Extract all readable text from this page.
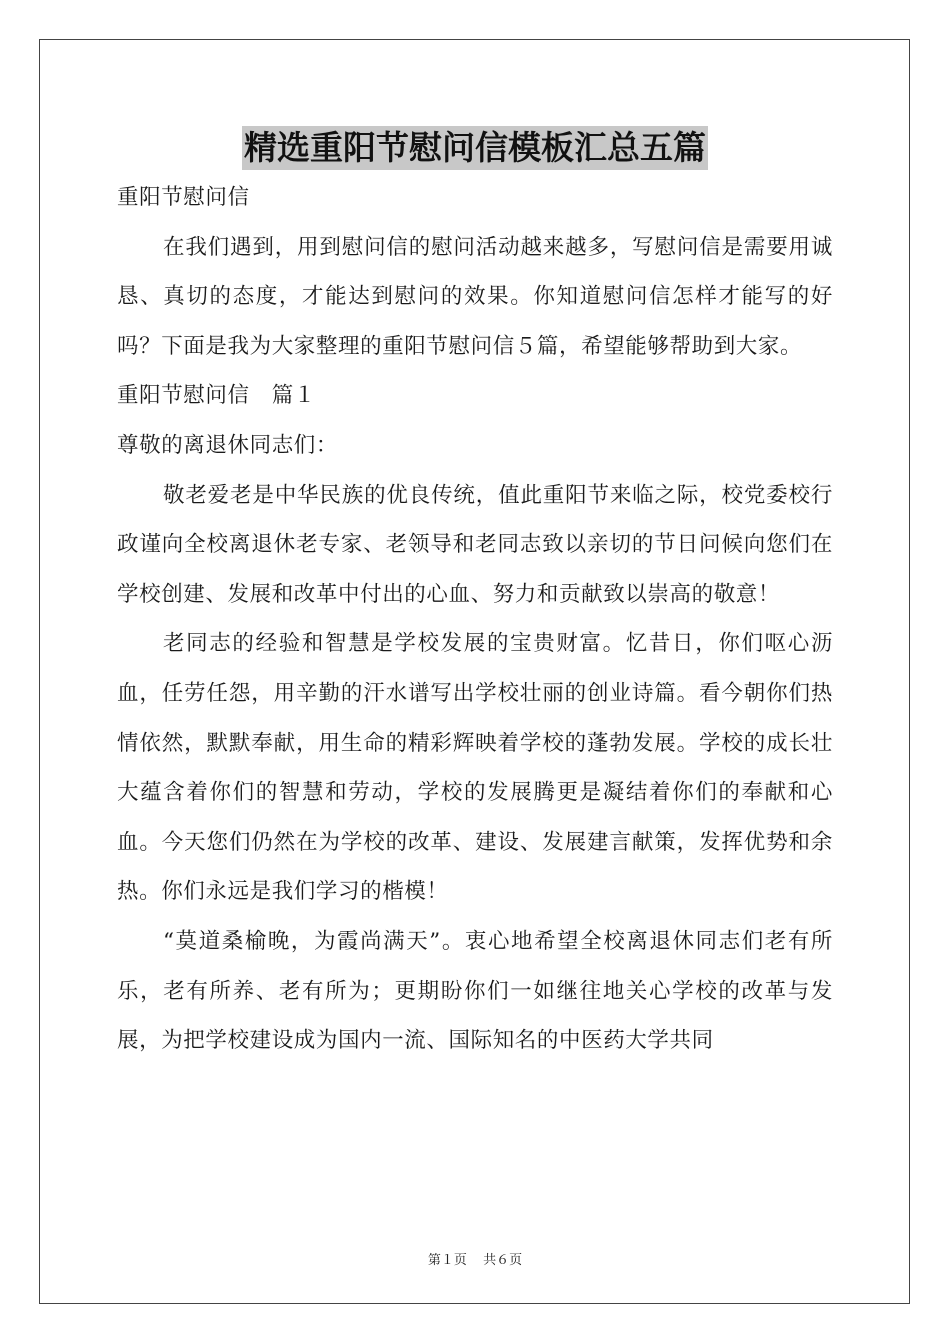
精选重阳节慰问信模板汇总五篇
重阳节慰问信
在我们遇到，用到慰问信的慰问活动越来越多，写慰问信是需要用诚恳、真切的态度，才能达到慰问的效果。你知道慰问信怎样才能写的好吗？下面是我为大家整理的重阳节慰问信５篇，希望能够帮助到大家。
重阳节慰问信　篇１
尊敬的离退休同志们：
敬老爱老是中华民族的优良传统，值此重阳节来临之际，校党委校行政谨向全校离退休老专家、老领导和老同志致以亲切的节日问候向您们在学校创建、发展和改革中付出的心血、努力和贡献致以崇高的敬意！
老同志的经验和智慧是学校发展的宝贵财富。忆昔日，你们呕心沥血，任劳任怨，用辛勤的汗水谱写出学校壮丽的创业诗篇。看今朝你们热情依然，默默奉献，用生命的精彩辉映着学校的蓬勃发展。学校的成长壮大蕴含着你们的智慧和劳动，学校的发展腾更是凝结着你们的奉献和心血。今天您们仍然在为学校的改革、建设、发展建言献策，发挥优势和余热。你们永远是我们学习的楷模！
“莫道桑榆晚，为霞尚满天”。衷心地希望全校离退休同志们老有所乐，老有所养、老有所为；更期盼你们一如继往地关心学校的改革与发展，为把学校建设成为国内一流、国际知名的中医药大学共同
第１页 共６页
